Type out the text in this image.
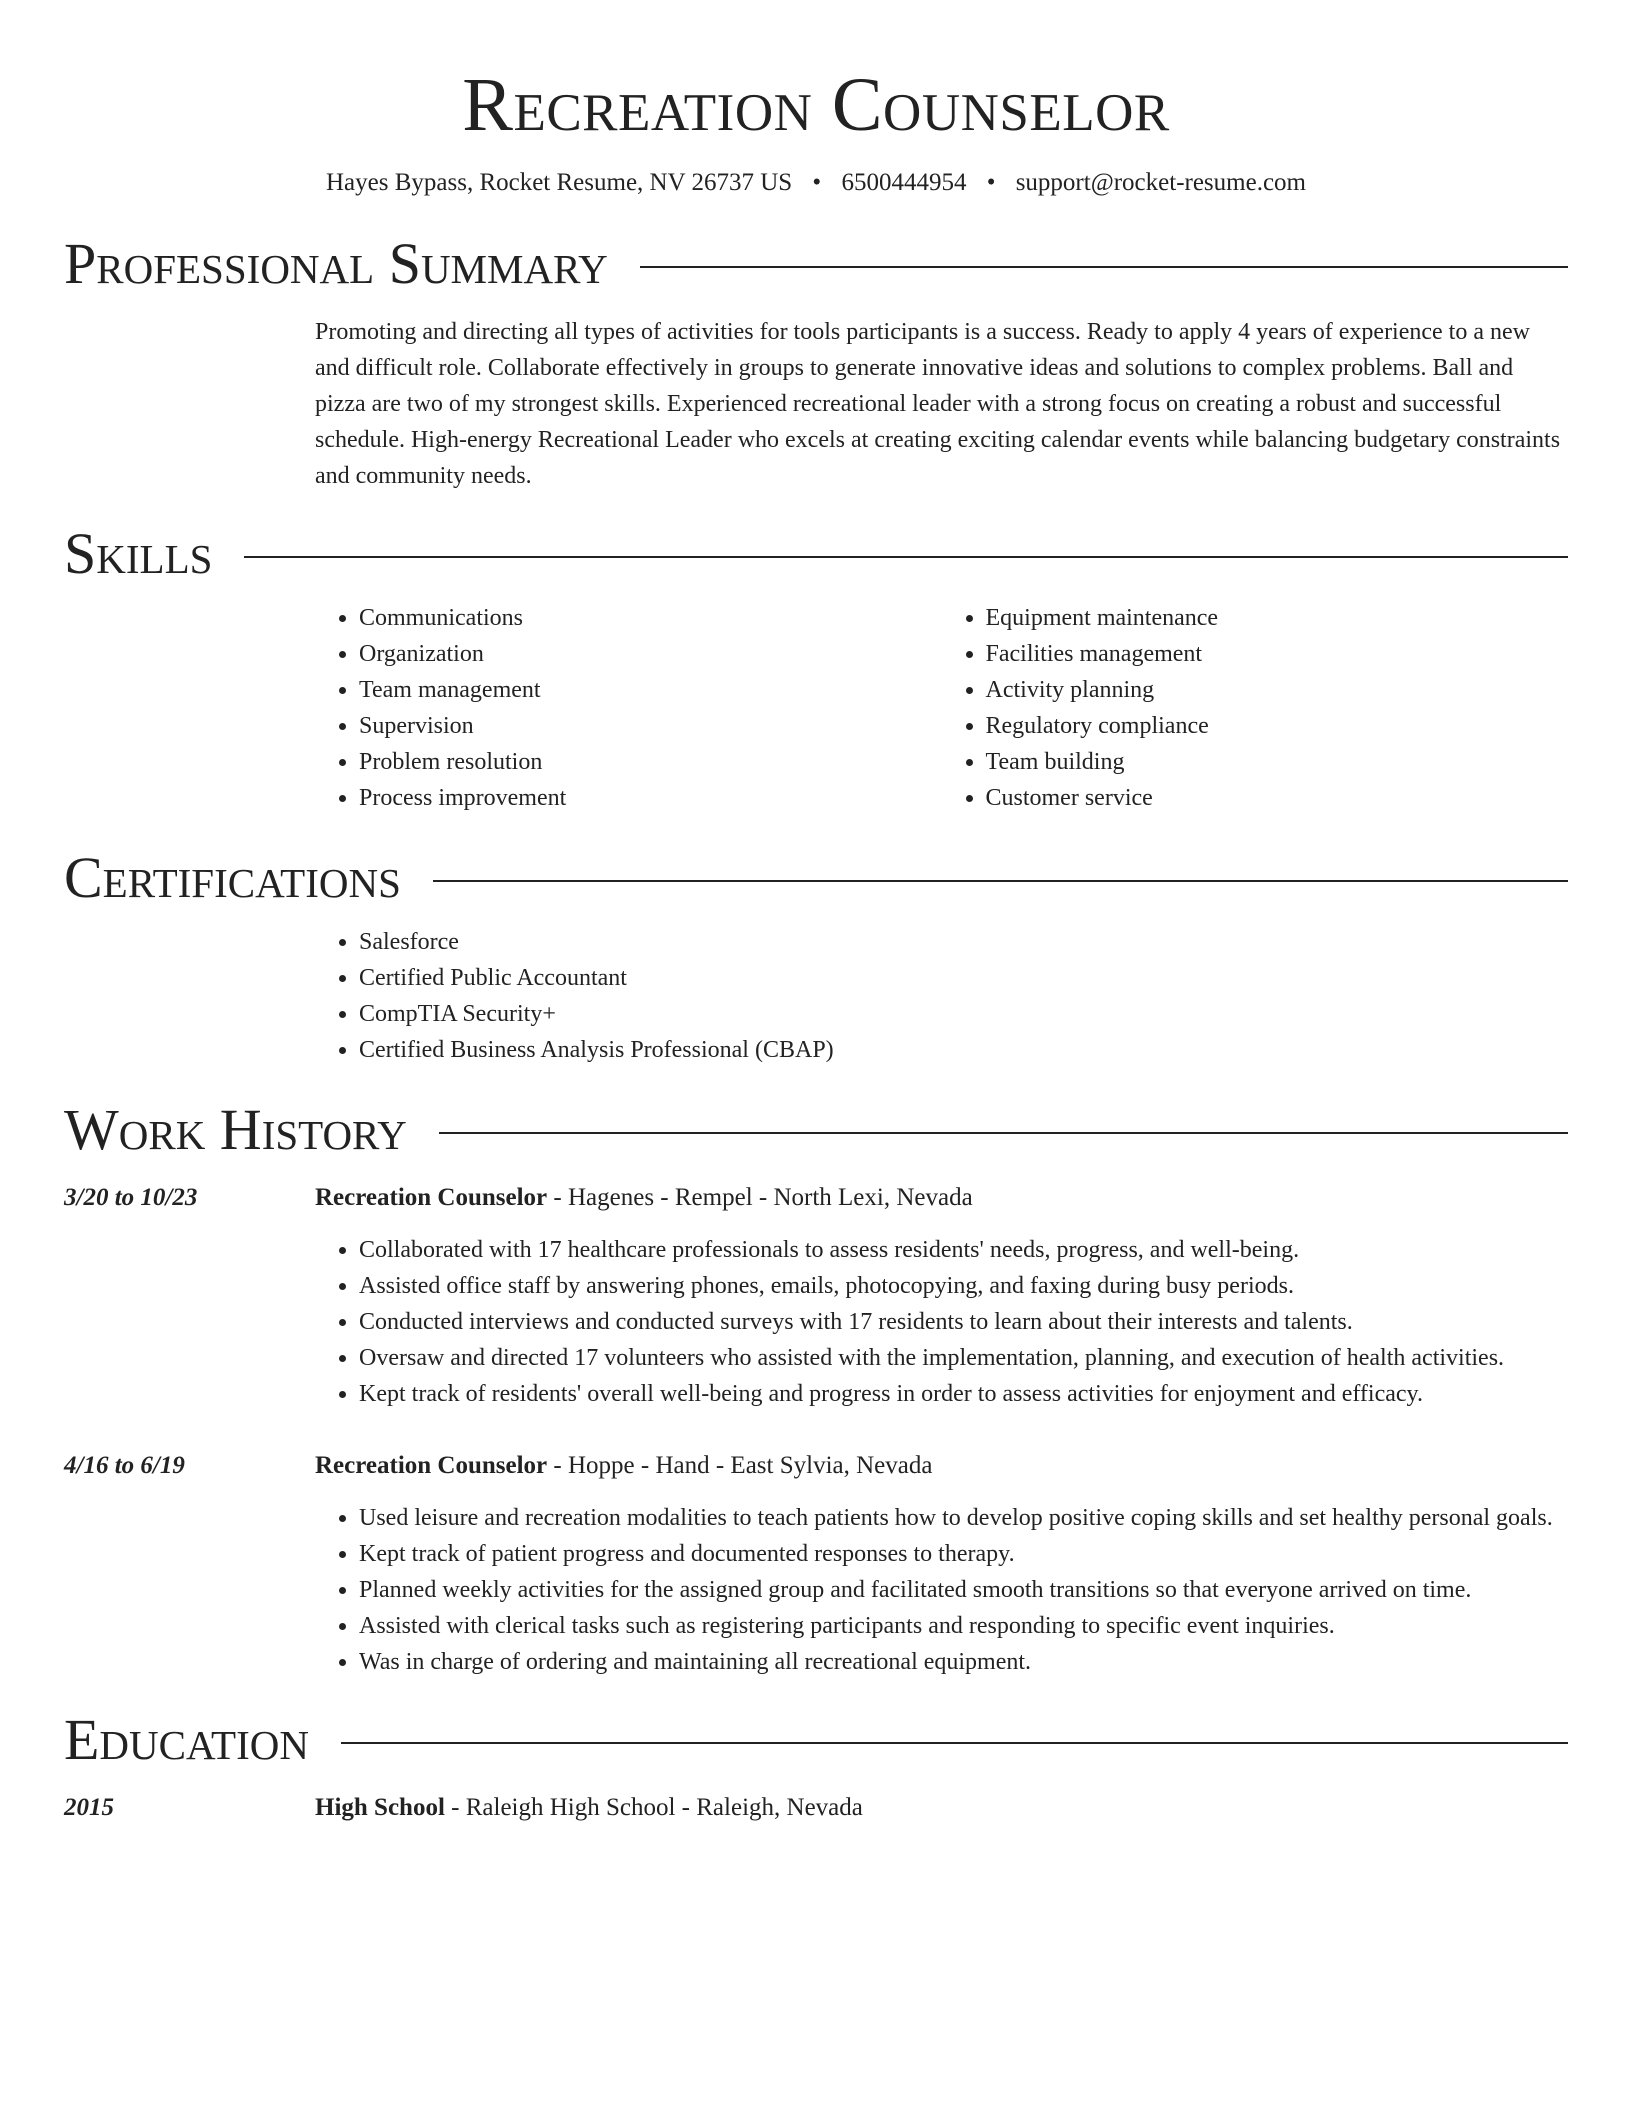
Recreation Counselor
Hayes Bypass, Rocket Resume, NV 26737 US • 6500444954 • support@rocket-resume.com
Professional Summary
Promoting and directing all types of activities for tools participants is a success. Ready to apply 4 years of experience to a new and difficult role. Collaborate effectively in groups to generate innovative ideas and solutions to complex problems. Ball and pizza are two of my strongest skills. Experienced recreational leader with a strong focus on creating a robust and successful schedule. High-energy Recreational Leader who excels at creating exciting calendar events while balancing budgetary constraints and community needs.
Skills
• Communications
• Organization
• Team management
• Supervision
• Problem resolution
• Process improvement
• Equipment maintenance
• Facilities management
• Activity planning
• Regulatory compliance
• Team building
• Customer service
Certifications
• Salesforce
• Certified Public Accountant
• CompTIA Security+
• Certified Business Analysis Professional (CBAP)
Work History
3/20 to 10/23	Recreation Counselor - Hagenes - Rempel - North Lexi, Nevada
• Collaborated with 17 healthcare professionals to assess residents' needs, progress, and well-being.
• Assisted office staff by answering phones, emails, photocopying, and faxing during busy periods.
• Conducted interviews and conducted surveys with 17 residents to learn about their interests and talents.
• Oversaw and directed 17 volunteers who assisted with the implementation, planning, and execution of health activities.
• Kept track of residents' overall well-being and progress in order to assess activities for enjoyment and efficacy.
4/16 to 6/19	Recreation Counselor - Hoppe - Hand - East Sylvia, Nevada
• Used leisure and recreation modalities to teach patients how to develop positive coping skills and set healthy personal goals.
• Kept track of patient progress and documented responses to therapy.
• Planned weekly activities for the assigned group and facilitated smooth transitions so that everyone arrived on time.
• Assisted with clerical tasks such as registering participants and responding to specific event inquiries.
• Was in charge of ordering and maintaining all recreational equipment.
Education
2015	High School - Raleigh High School - Raleigh, Nevada
